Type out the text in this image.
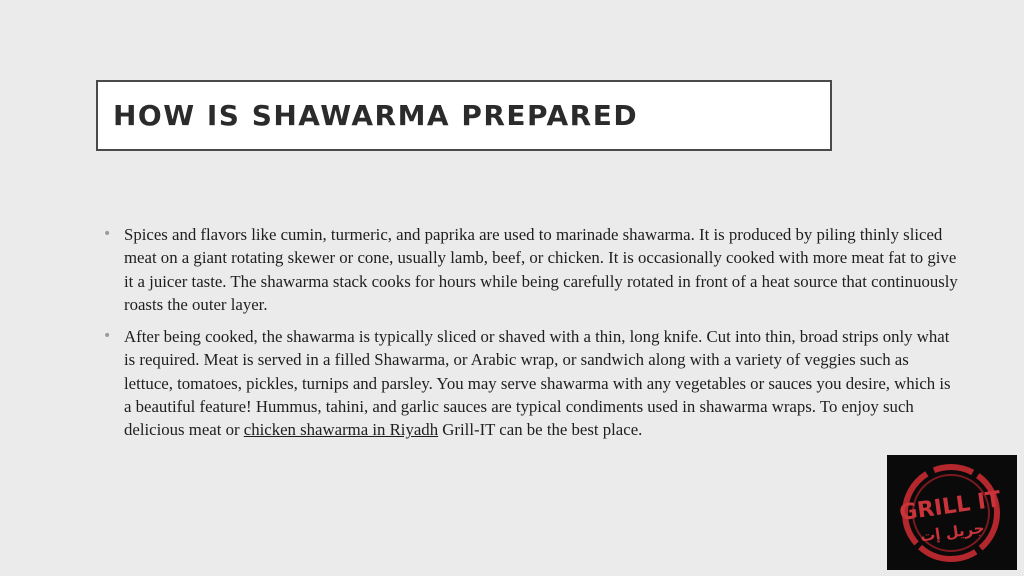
HOW IS SHAWARMA PREPARED
• Spices and flavors like cumin, turmeric, and paprika are used to marinade shawarma. It is produced by piling thinly sliced meat on a giant rotating skewer or cone, usually lamb, beef, or chicken. It is occasionally cooked with more meat fat to give it a juicer taste. The shawarma stack cooks for hours while being carefully rotated in front of a heat source that continuously roasts the outer layer.
• After being cooked, the shawarma is typically sliced or shaved with a thin, long knife. Cut into thin, broad strips only what is required. Meat is served in a filled Shawarma, or Arabic wrap, or sandwich along with a variety of veggies such as lettuce, tomatoes, pickles, turnips and parsley. You may serve shawarma with any vegetables or sauces you desire, which is a beautiful feature! Hummus, tahini, and garlic sauces are typical condiments used in shawarma wraps. To enjoy such delicious meat or chicken shawarma in Riyadh Grill-IT can be the best place.
GRILL IT
جريل إت
